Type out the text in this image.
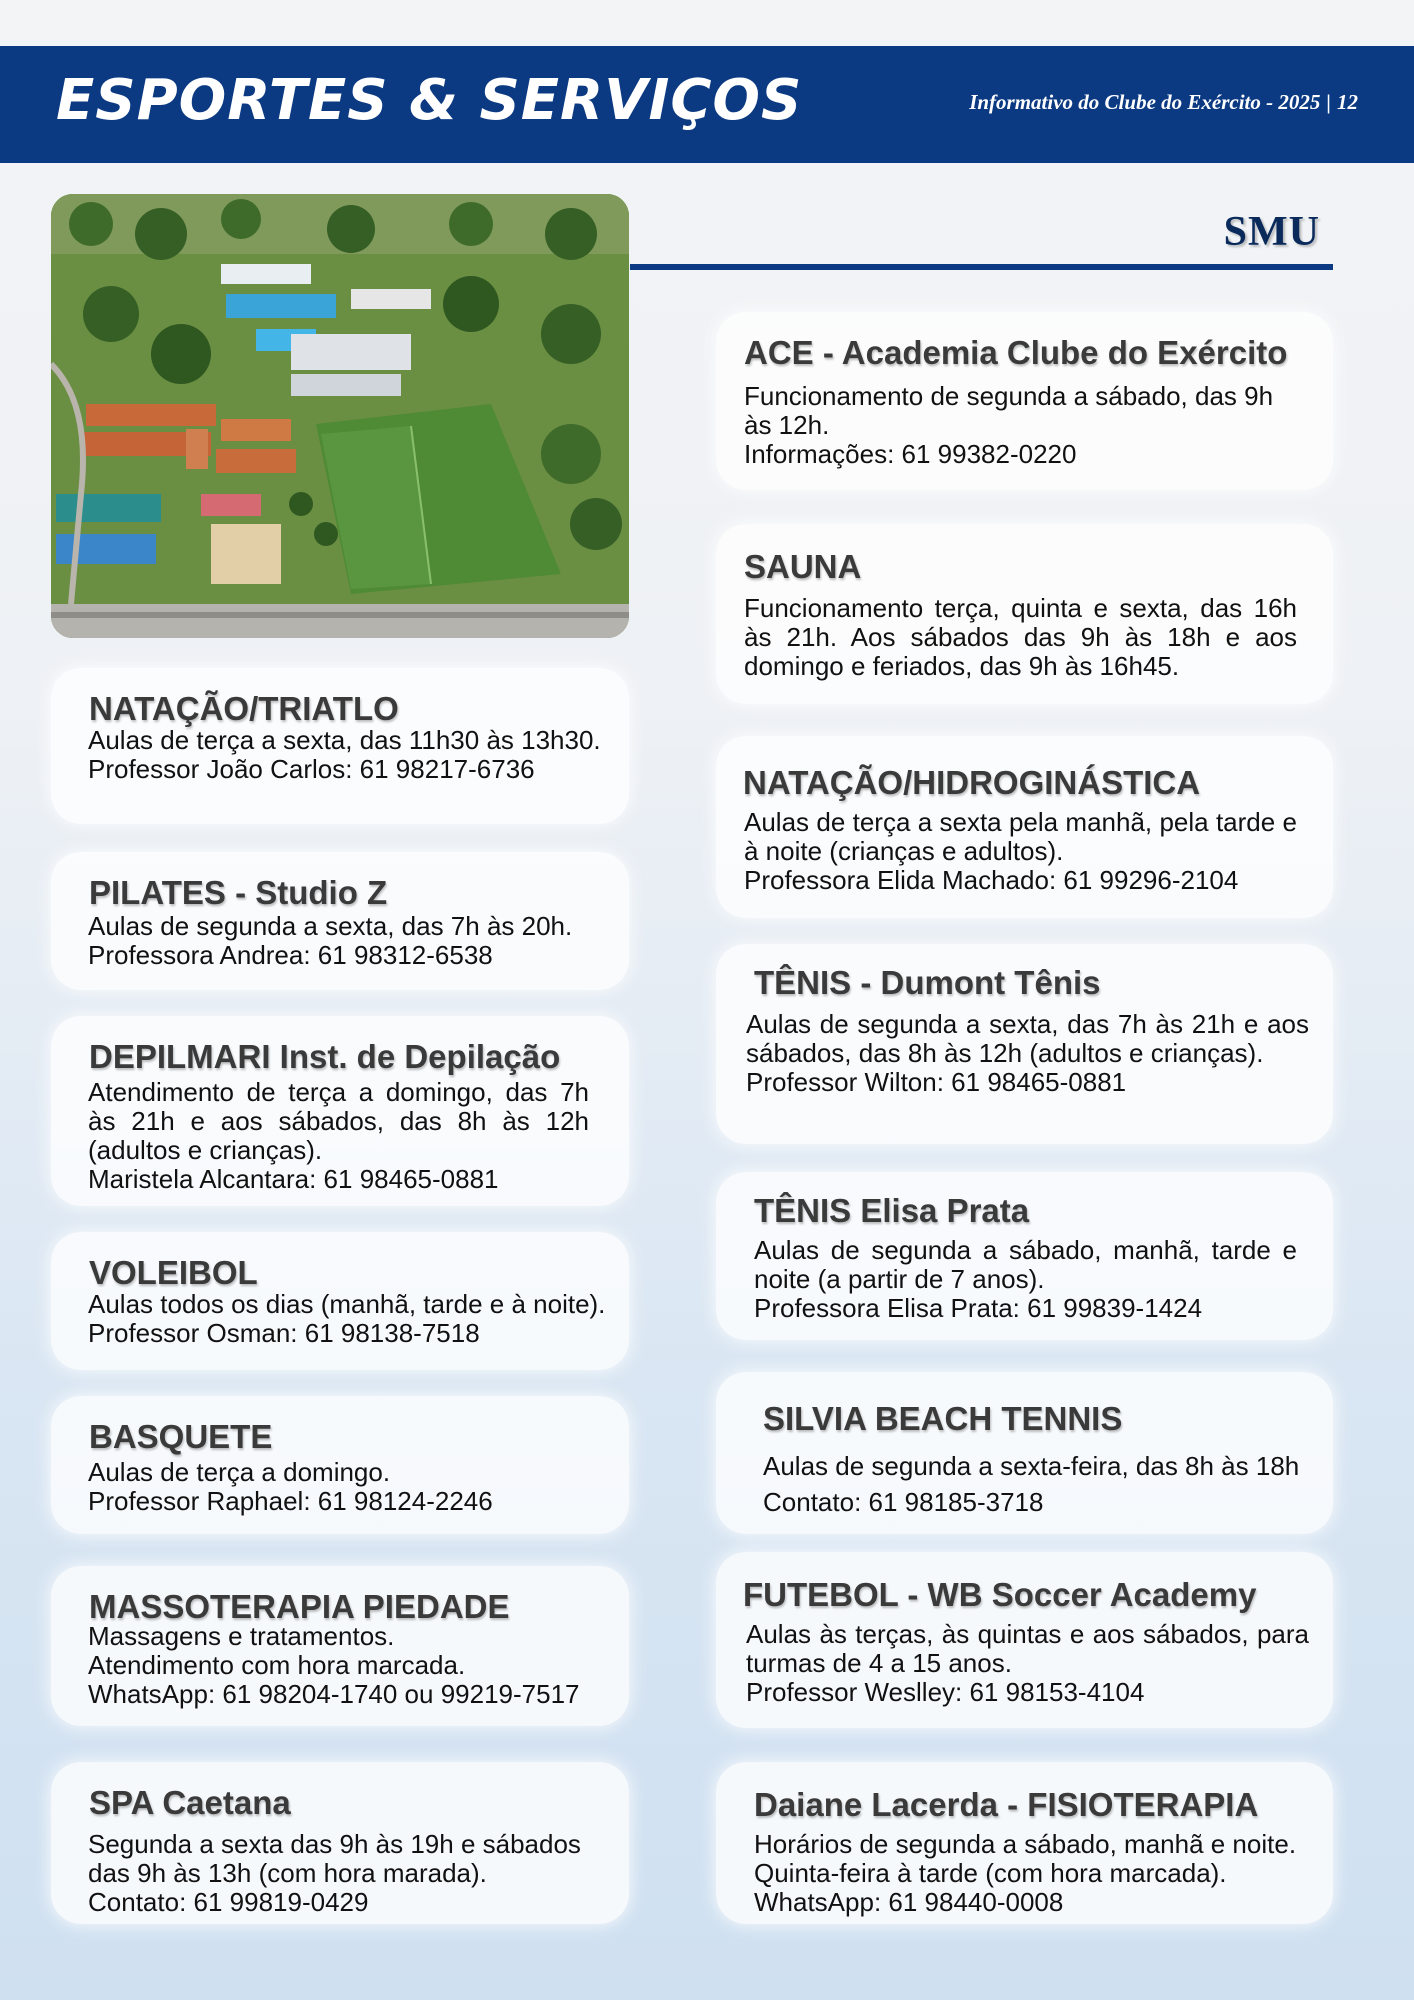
ESPORTES & SERVIÇOS	Informativo do Clube do Exército - 2025 | 12
SMU
NATAÇÃO/TRIATLO

Aulas de terça a sexta, das 11h30 às 13h30.

Professor João Carlos: 61 98217-6736

PILATES - Studio Z

Aulas de segunda a sexta, das 7h às 20h.

Professora Andrea: 61 98312-6538

DEPILMARI Inst. de Depilação

Atendimento de terça a domingo, das 7h às 21h e aos sábados, das 8h às 12h (adultos e crianças).

Maristela Alcantara: 61 98465-0881

VOLEIBOL

Aulas todos os dias (manhã, tarde e à noite).

Professor Osman: 61 98138-7518

BASQUETE

Aulas de terça a domingo.

Professor Raphael: 61 98124-2246

MASSOTERAPIA PIEDADE

Massagens e tratamentos.

Atendimento com hora marcada.

WhatsApp: 61 98204-1740 ou 99219-7517

SPA Caetana

Segunda a sexta das 9h às 19h e sábados das 9h às 13h (com hora marada).

Contato: 61 99819-0429

ACE - Academia Clube do Exército

Funcionamento de segunda a sábado, das 9h às 12h.

Informações: 61 99382-0220

SAUNA

Funcionamento terça, quinta e sexta, das 16h às 21h. Aos sábados das 9h às 18h e aos domingo e feriados, das 9h às 16h45.

NATAÇÃO/HIDROGINÁSTICA

Aulas de terça a sexta pela manhã, pela tarde e à noite (crianças e adultos).

Professora Elida Machado: 61 99296-2104

TÊNIS - Dumont Tênis

Aulas de segunda a sexta, das 7h às 21h e aos sábados, das 8h às 12h (adultos e crianças).

Professor Wilton: 61 98465-0881

TÊNIS Elisa Prata

Aulas de segunda a sábado, manhã, tarde e noite (a partir de 7 anos).

Professora Elisa Prata: 61 99839-1424

SILVIA BEACH TENNIS

Aulas de segunda a sexta-feira, das 8h às 18h

Contato: 61 98185-3718

FUTEBOL - WB Soccer Academy

Aulas às terças, às quintas e aos sábados, para turmas de 4 a 15 anos.

Professor Weslley: 61 98153-4104

Daiane Lacerda - FISIOTERAPIA

Horários de segunda a sábado, manhã e noite.

Quinta-feira à tarde (com hora marcada).

WhatsApp: 61 98440-0008
